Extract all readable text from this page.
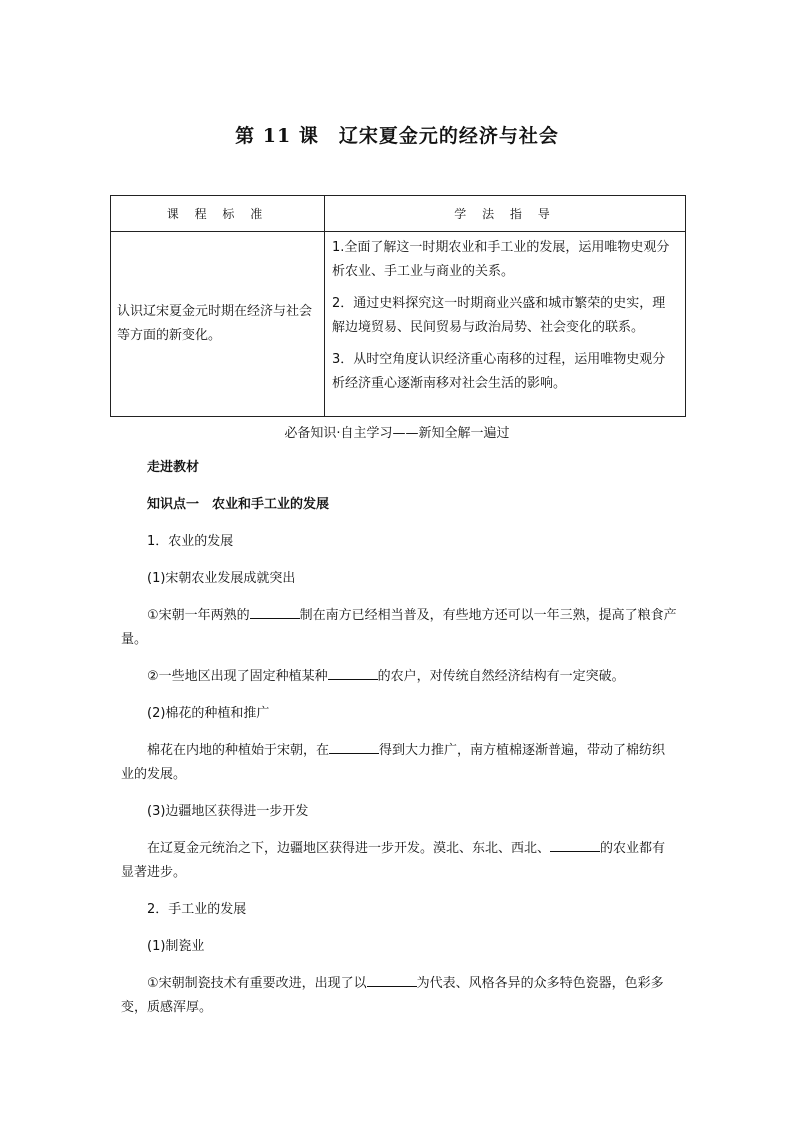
第 11 课　辽宋夏金元的经济与社会
课 程 标 准	学 法 指 导
认识辽宋夏金元时期在经济与社会等方面的新变化。	1.全面了解这一时期农业和手工业的发展，运用唯物史观分析农业、手工业与商业的关系。
2．通过史料探究这一时期商业兴盛和城市繁荣的史实，理解边境贸易、民间贸易与政治局势、社会变化的联系。
3．从时空角度认识经济重心南移的过程，运用唯物史观分析经济重心逐渐南移对社会生活的影响。
必备知识·自主学习——新知全解一遍过

走进教材

知识点一　农业和手工业的发展

1．农业的发展

(1)宋朝农业发展成就突出

①宋朝一年两熟的	制在南方已经相当普及，有些地方还可以一年三熟，提高了粮食产量。

②一些地区出现了固定种植某种	的农户，对传统自然经济结构有一定突破。

(2)棉花的种植和推广

棉花在内地的种植始于宋朝，在	得到大力推广，南方植棉逐渐普遍，带动了棉纺织业的发展。

(3)边疆地区获得进一步开发

在辽夏金元统治之下，边疆地区获得进一步开发。漠北、东北、西北、	的农业都有显著进步。

2．手工业的发展

(1)制瓷业

①宋朝制瓷技术有重要改进，出现了以	为代表、风格各异的众多特色瓷器，色彩多变，质感浑厚。
